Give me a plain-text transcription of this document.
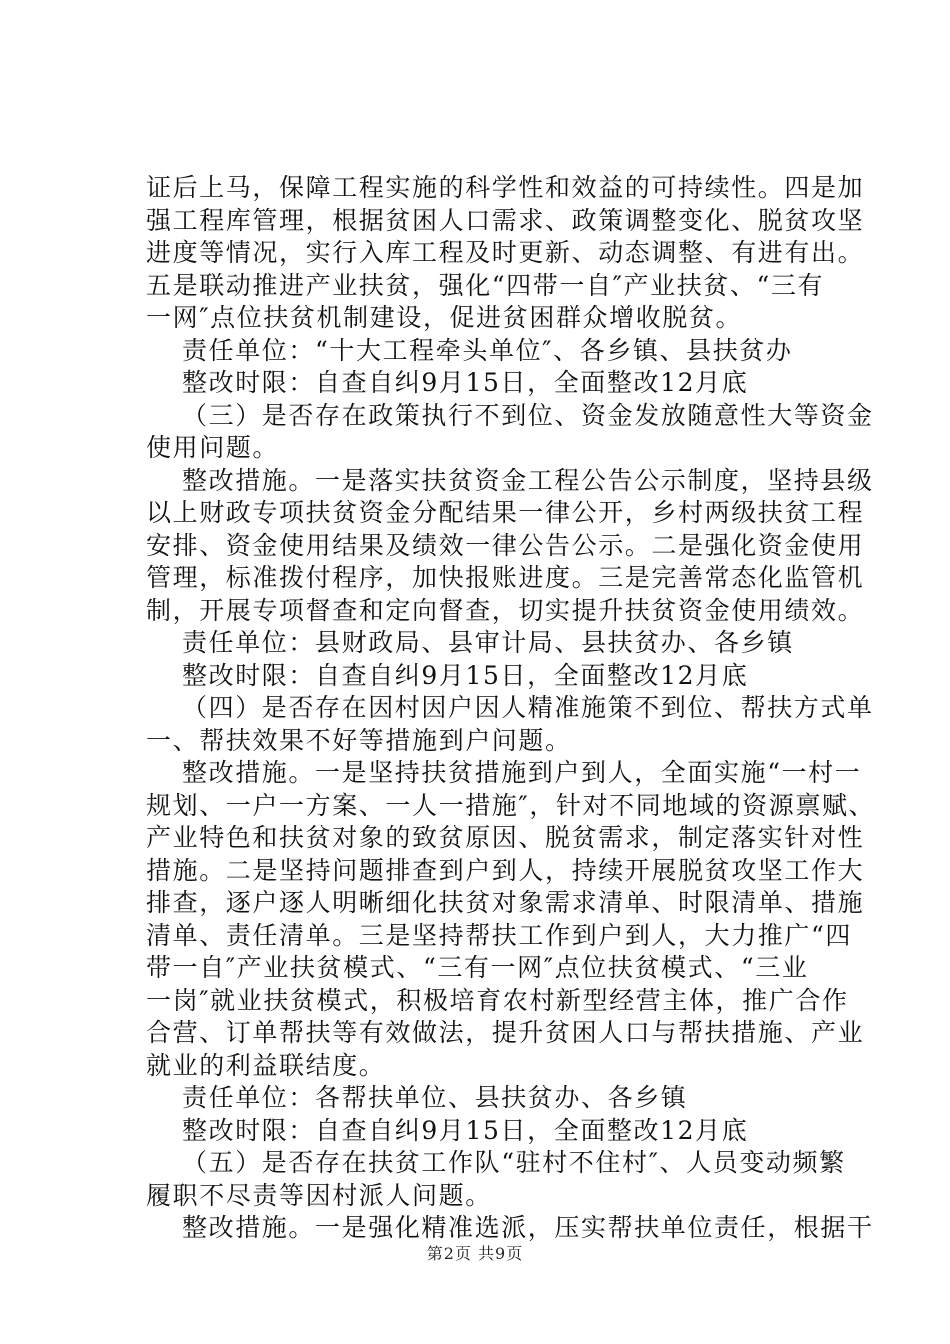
证后上马，保障工程实施的科学性和效益的可持续性。四是加
强工程库管理，根据贫困人口需求、政策调整变化、脱贫攻坚
进度等情况，实行入库工程及时更新、动态调整、有进有出。
五是联动推进产业扶贫，强化“四带一自″产业扶贫、“三有
一网″点位扶贫机制建设，促进贫困群众增收脱贫。
责任单位：“十大工程牵头单位″、各乡镇、县扶贫办
整改时限：自查自纠9月15日，全面整改12月底
（三）是否存在政策执行不到位、资金发放随意性大等资金
使用问题。
整改措施。一是落实扶贫资金工程公告公示制度，坚持县级
以上财政专项扶贫资金分配结果一律公开，乡村两级扶贫工程
安排、资金使用结果及绩效一律公告公示。二是强化资金使用
管理，标准拨付程序，加快报账进度。三是完善常态化监管机
制，开展专项督查和定向督查，切实提升扶贫资金使用绩效。
责任单位：县财政局、县审计局、县扶贫办、各乡镇
整改时限：自查自纠9月15日，全面整改12月底
（四）是否存在因村因户因人精准施策不到位、帮扶方式单
一、帮扶效果不好等措施到户问题。
整改措施。一是坚持扶贫措施到户到人，全面实施“一村一
规划、一户一方案、一人一措施″，针对不同地域的资源禀赋、
产业特色和扶贫对象的致贫原因、脱贫需求，制定落实针对性
措施。二是坚持问题排查到户到人，持续开展脱贫攻坚工作大
排查，逐户逐人明晰细化扶贫对象需求清单、时限清单、措施
清单、责任清单。三是坚持帮扶工作到户到人，大力推广“四
带一自″产业扶贫模式、“三有一网″点位扶贫模式、“三业
一岗″就业扶贫模式，积极培育农村新型经营主体，推广合作
合营、订单帮扶等有效做法，提升贫困人口与帮扶措施、产业
就业的利益联结度。
责任单位：各帮扶单位、县扶贫办、各乡镇
整改时限：自查自纠9月15日，全面整改12月底
（五）是否存在扶贫工作队“驻村不住村″、人员变动频繁
履职不尽责等因村派人问题。
整改措施。一是强化精准选派，压实帮扶单位责任，根据干
第2页 共9页
